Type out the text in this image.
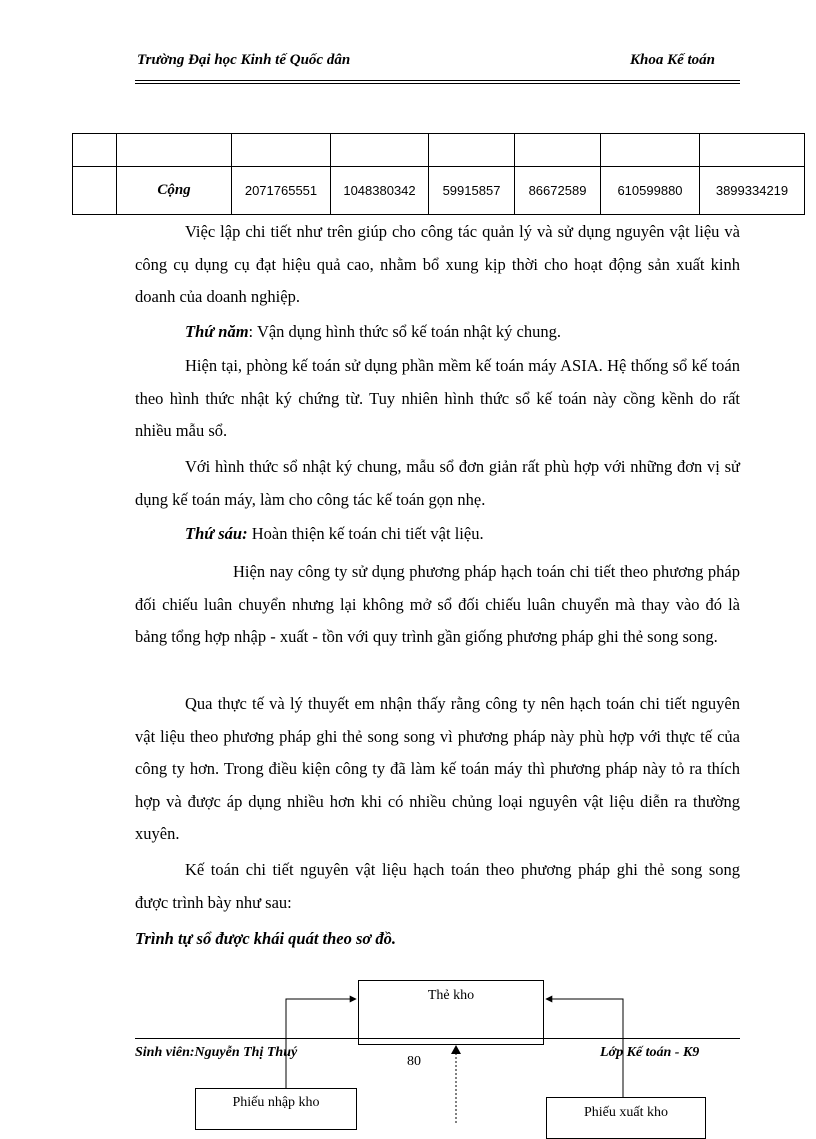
Trường Đại học Kinh tế Quốc dân	Khoa Kế toán

	Cộng	2071765551	1048380342	59915857	86672589	610599880	3899334219

Việc lập chi tiết như trên giúp cho công tác quản lý và sử dụng nguyên vật liệu và công cụ dụng cụ đạt hiệu quả cao, nhằm bổ xung kịp thời cho hoạt động sản xuất kinh doanh của doanh nghiệp.

Thứ năm: Vận dụng hình thức sổ kế toán nhật ký chung.

Hiện tại, phòng kế toán sử dụng phần mềm kế toán máy ASIA. Hệ thống sổ kế toán theo hình thức nhật ký chứng từ. Tuy nhiên hình thức sổ kế toán này cồng kềnh do rất nhiều mẫu sổ.

Với hình thức sổ nhật ký chung, mẫu sổ đơn giản rất phù hợp với những đơn vị sử dụng kế toán máy, làm cho công tác kế toán gọn nhẹ.

Thứ sáu: Hoàn thiện kế toán chi tiết vật liệu.

Hiện nay công ty sử dụng phương pháp hạch toán chi tiết theo phương pháp đối chiếu luân chuyển nhưng lại không mở sổ đối chiếu luân chuyển mà thay vào đó là bảng tổng hợp nhập - xuất - tồn với quy trình gần giống phương pháp ghi thẻ song song.

Qua thực tế và lý thuyết em nhận thấy rằng công ty nên hạch toán chi tiết nguyên vật liệu theo phương pháp ghi thẻ song song vì phương pháp này phù hợp với thực tế của công ty hơn. Trong điều kiện công ty đã làm kế toán máy thì phương pháp này tỏ ra thích hợp và được áp dụng nhiều hơn khi có nhiều chủng loại nguyên vật liệu diễn ra thường xuyên.

Kế toán chi tiết nguyên vật liệu hạch toán theo phương pháp ghi thẻ song song được trình bày như sau:

Trình tự sổ được khái quát theo sơ đồ.
Thẻ kho
Phiếu nhập kho
Phiếu xuất kho
Sinh viên:Nguyễn Thị Thuý	Lớp Kế toán - K9
80
